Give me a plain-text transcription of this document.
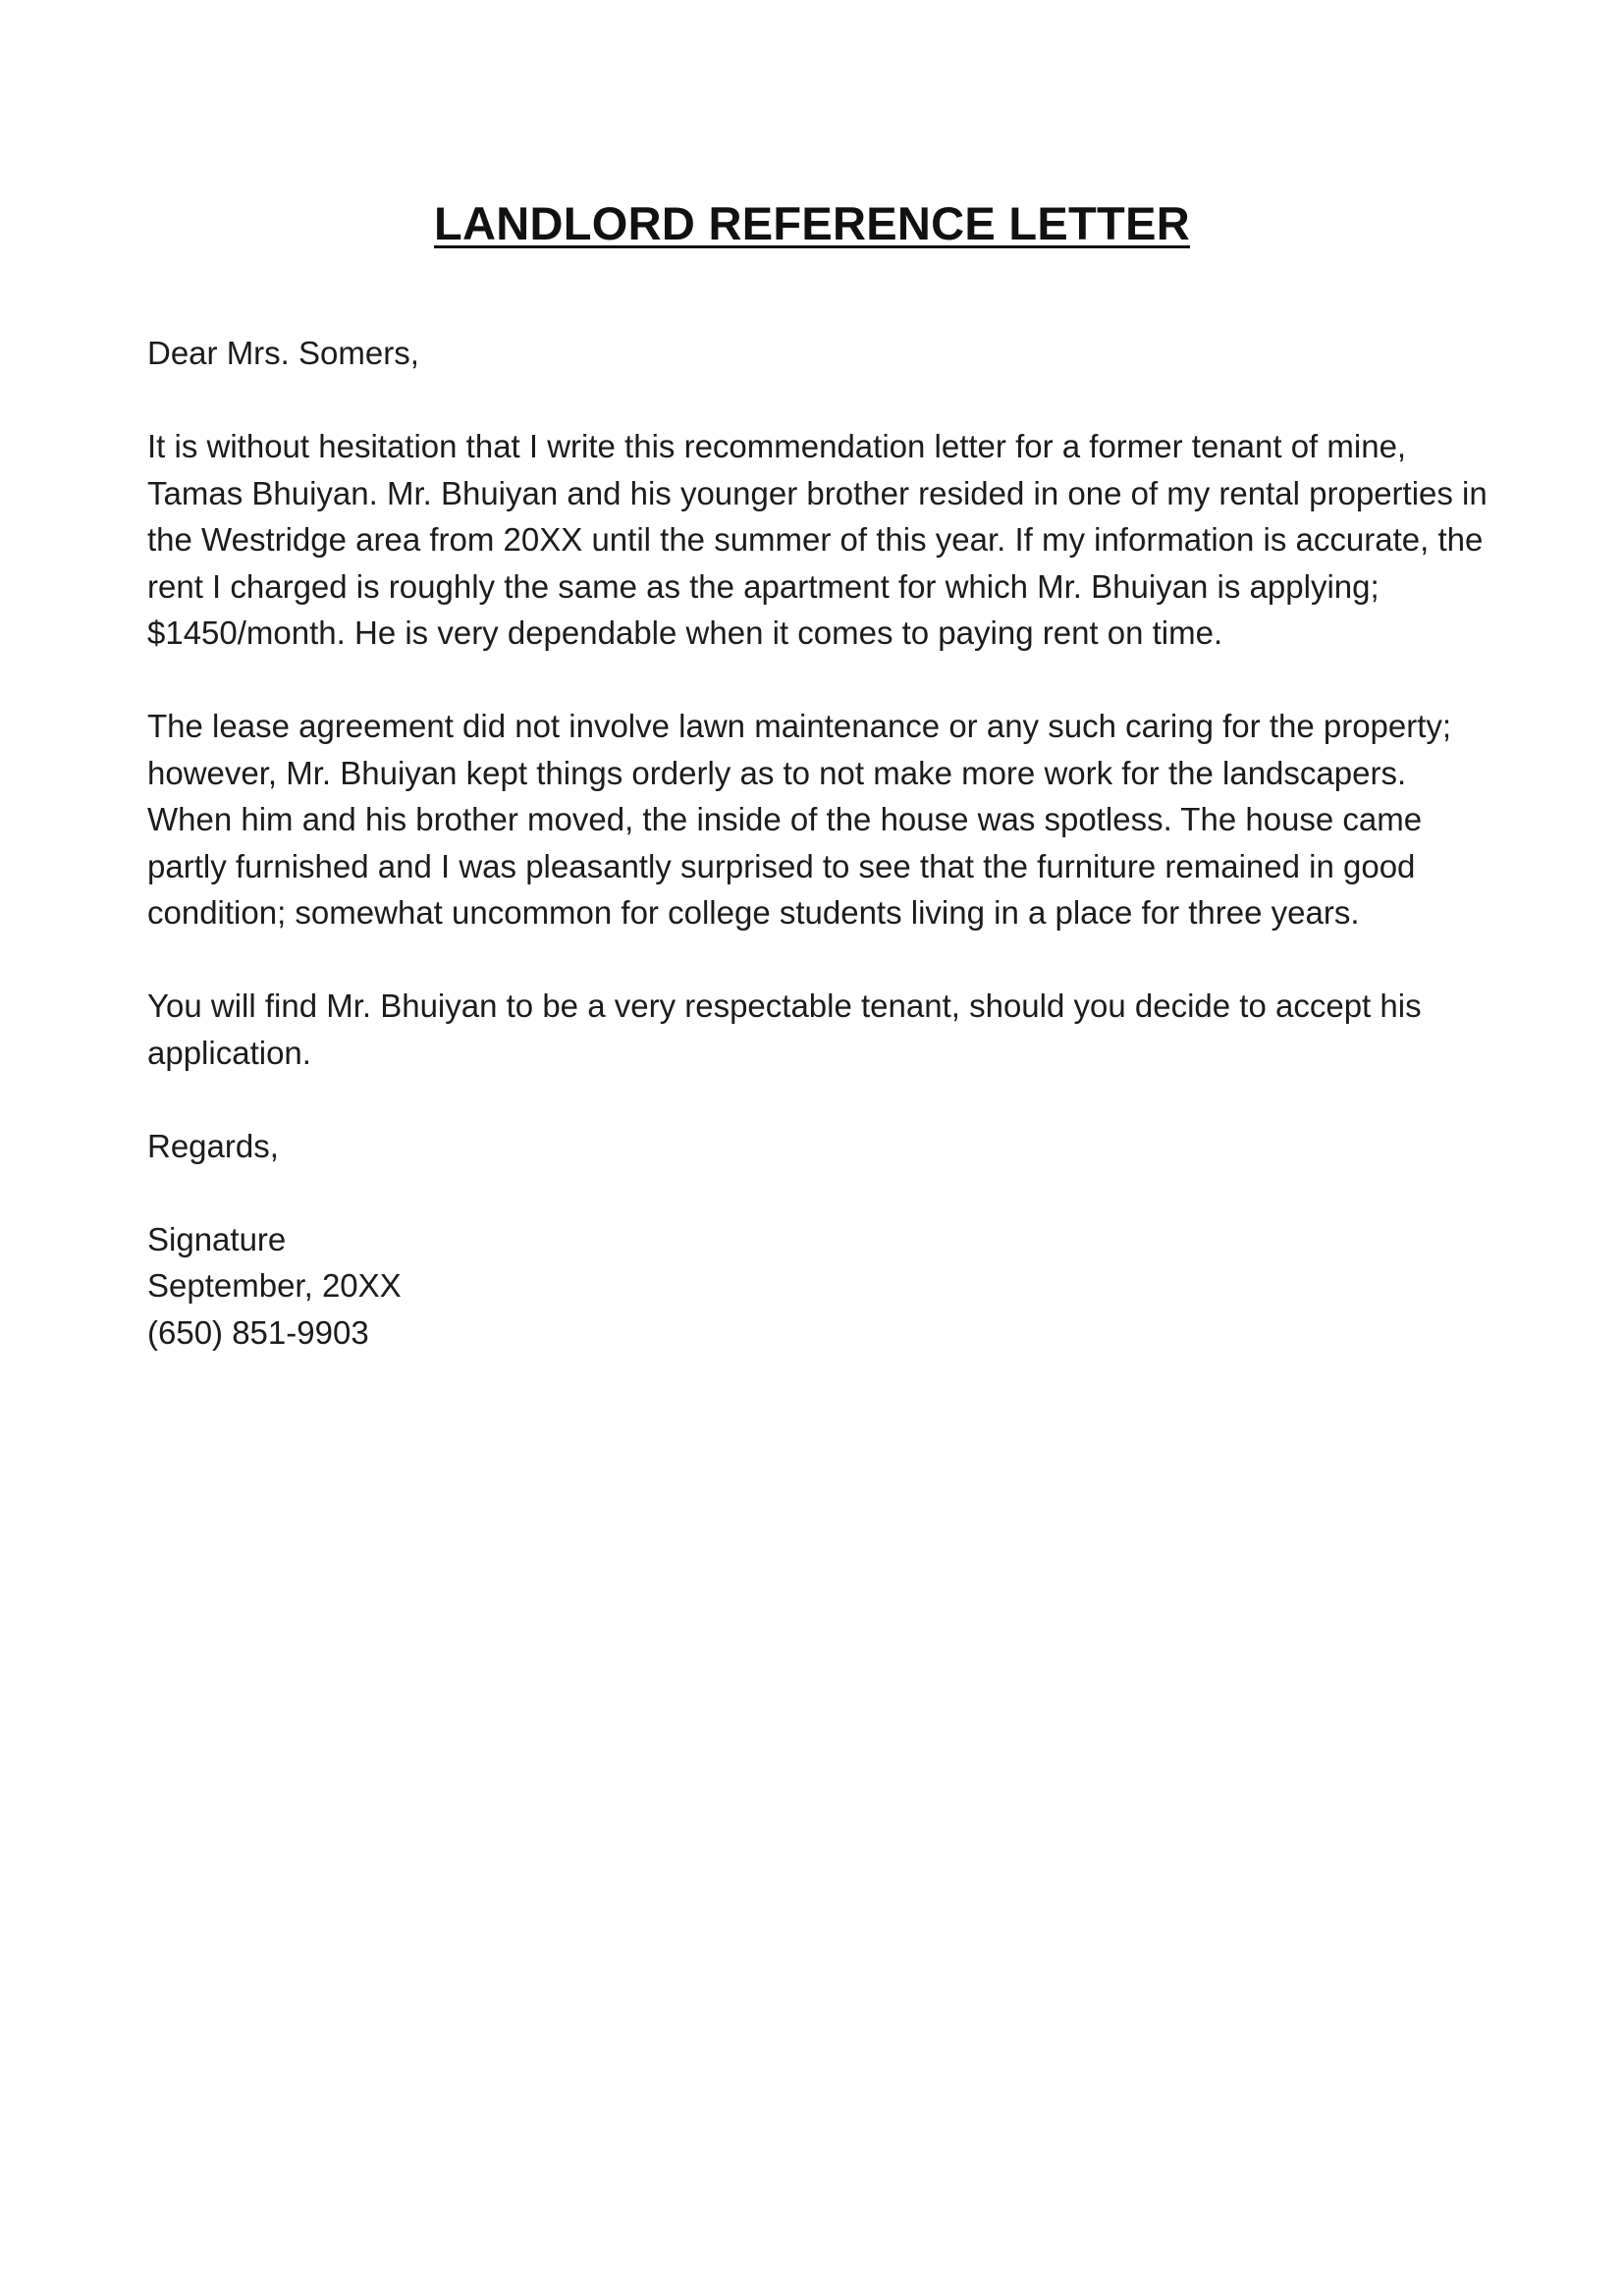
LANDLORD REFERENCE LETTER

Dear Mrs. Somers,

It is without hesitation that I write this recommendation letter for a former tenant of mine, Tamas Bhuiyan. Mr. Bhuiyan and his younger brother resided in one of my rental properties in the Westridge area from 20XX until the summer of this year. If my information is accurate, the rent I charged is roughly the same as the apartment for which Mr. Bhuiyan is applying; $1450/month. He is very dependable when it comes to paying rent on time.

The lease agreement did not involve lawn maintenance or any such caring for the property; however, Mr. Bhuiyan kept things orderly as to not make more work for the landscapers. When him and his brother moved, the inside of the house was spotless. The house came partly furnished and I was pleasantly surprised to see that the furniture remained in good condition; somewhat uncommon for college students living in a place for three years.

You will find Mr. Bhuiyan to be a very respectable tenant, should you decide to accept his application.

Regards,

Signature

September, 20XX

(650) 851-9903
